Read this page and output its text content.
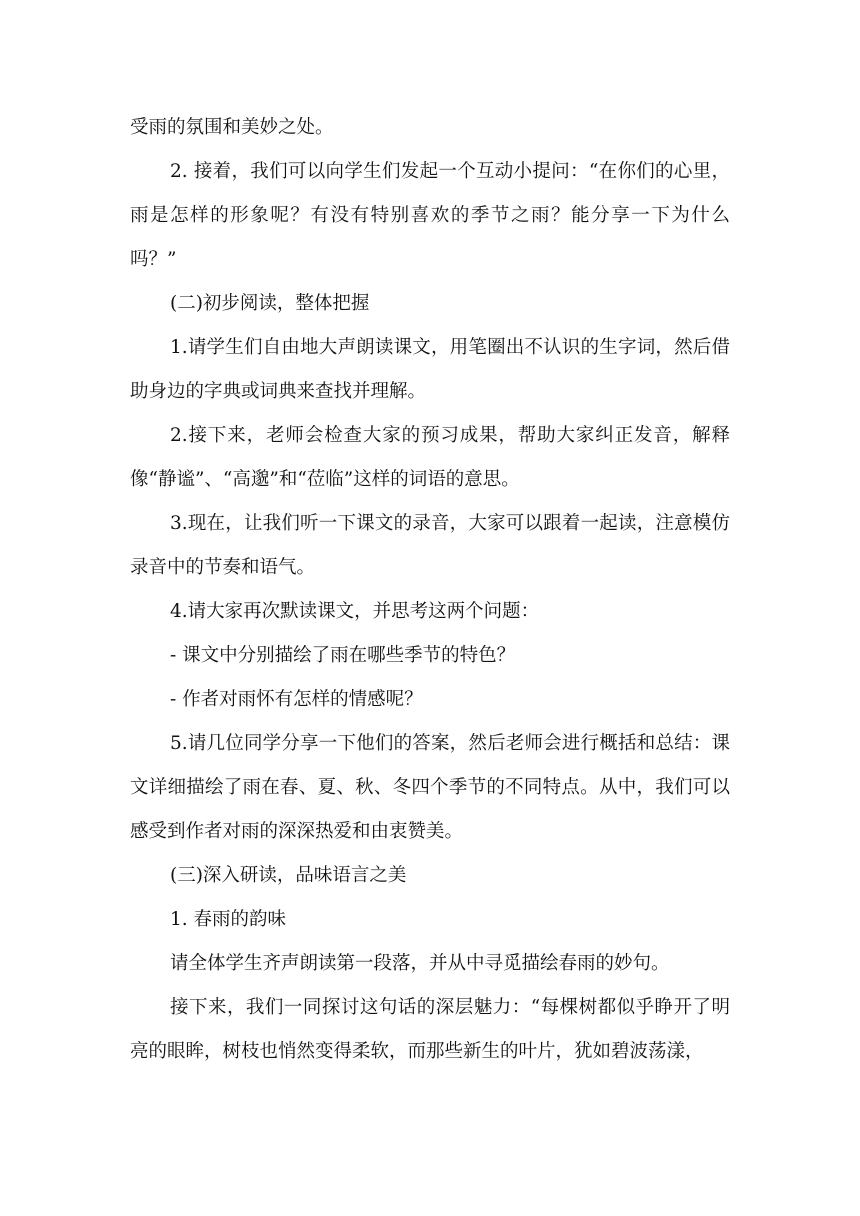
受雨的氛围和美妙之处。

2. 接着，我们可以向学生们发起一个互动小提问：“在你们的心里，雨是怎样的形象呢？有没有特别喜欢的季节之雨？能分享一下为什么吗？”

(二)初步阅读，整体把握

1.请学生们自由地大声朗读课文，用笔圈出不认识的生字词，然后借助身边的字典或词典来查找并理解。

2.接下来，老师会检查大家的预习成果，帮助大家纠正发音，解释像“静谧”、“高邈”和“莅临”这样的词语的意思。

3.现在，让我们听一下课文的录音，大家可以跟着一起读，注意模仿录音中的节奏和语气。

4.请大家再次默读课文，并思考这两个问题：

- 课文中分别描绘了雨在哪些季节的特色？

- 作者对雨怀有怎样的情感呢？

5.请几位同学分享一下他们的答案，然后老师会进行概括和总结：课文详细描绘了雨在春、夏、秋、冬四个季节的不同特点。从中，我们可以感受到作者对雨的深深热爱和由衷赞美。

(三)深入研读，品味语言之美

1. 春雨的韵味

请全体学生齐声朗读第一段落，并从中寻觅描绘春雨的妙句。

接下来，我们一同探讨这句话的深层魅力：“每棵树都似乎睁开了明亮的眼眸，树枝也悄然变得柔软，而那些新生的叶片，犹如碧波荡漾，
